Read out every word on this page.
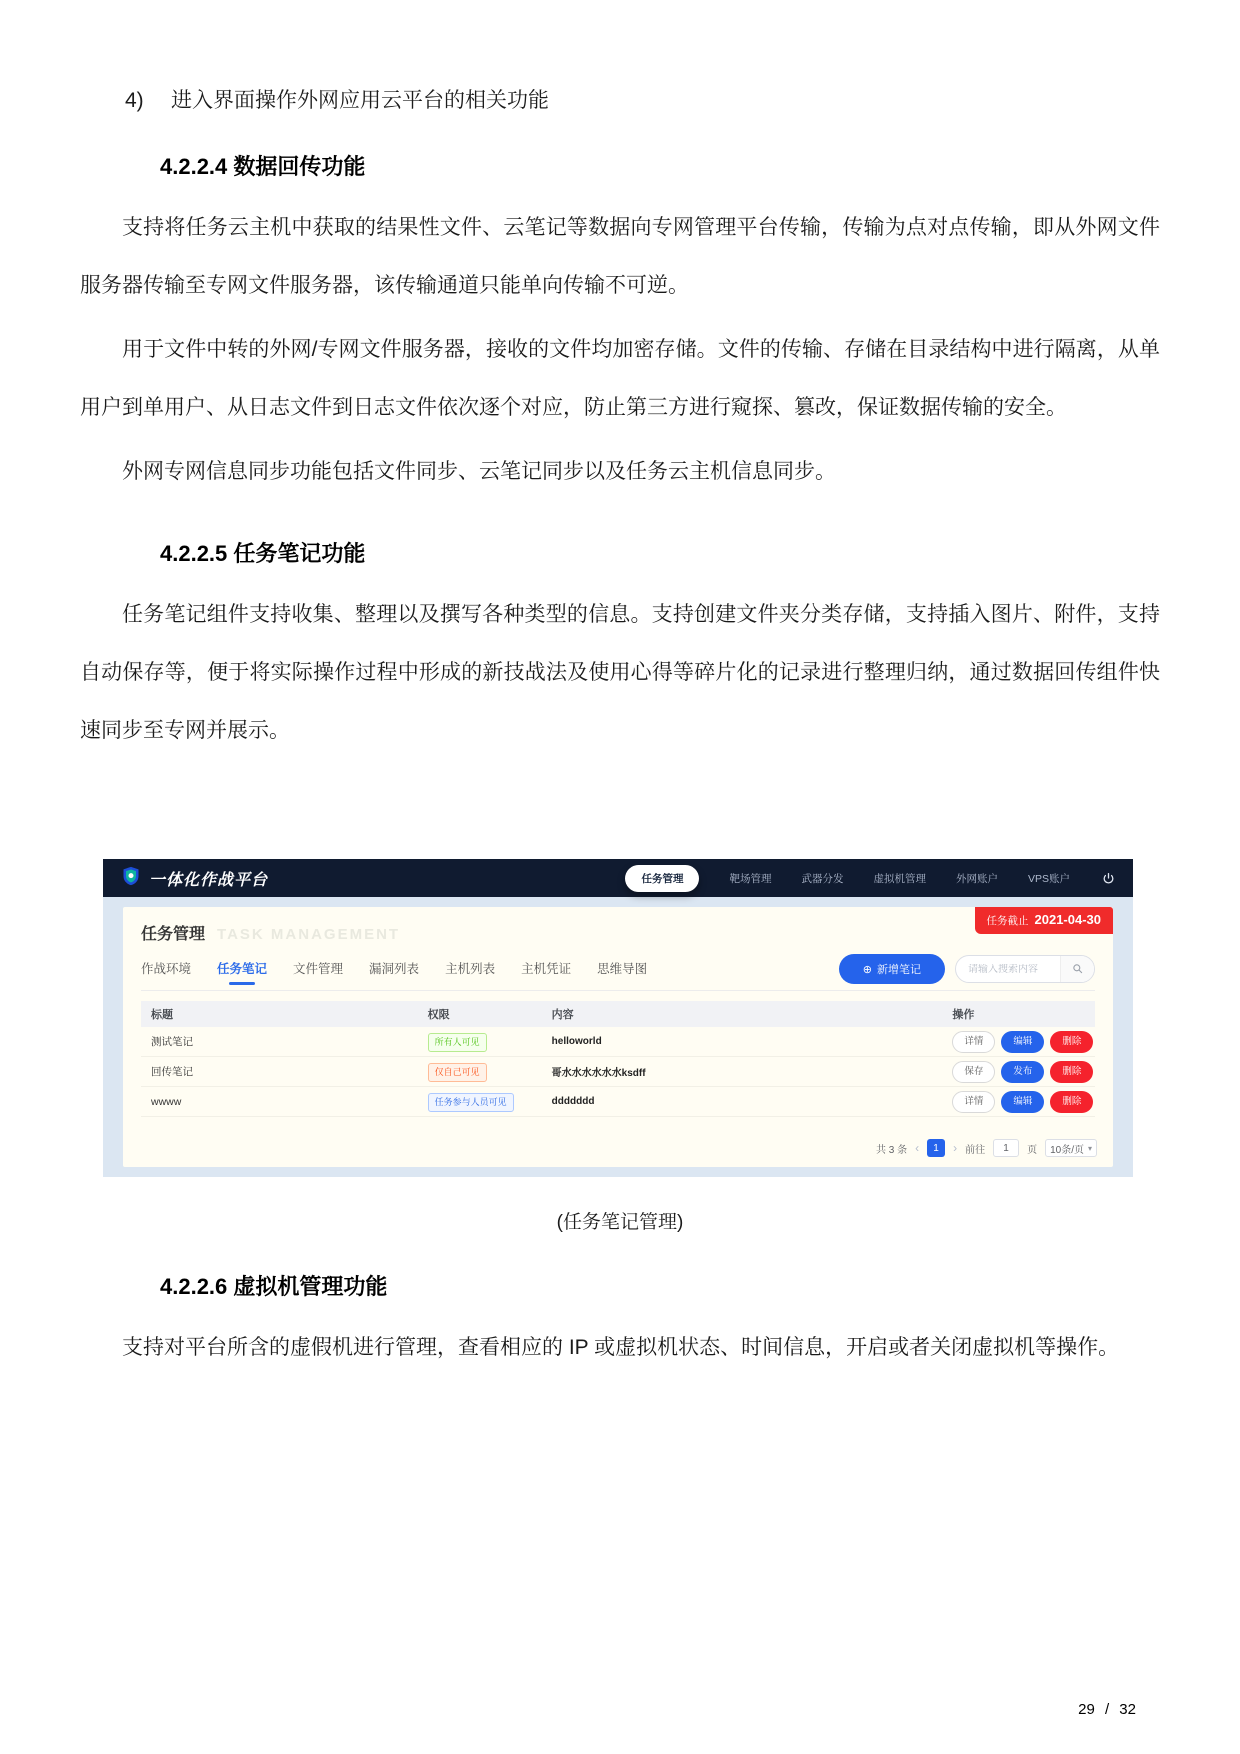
4)	进入界面操作外网应用云平台的相关功能
4.2.2.4 数据回传功能

支持将任务云主机中获取的结果性文件、云笔记等数据向专网管理平台传输，传输为点对点传输，即从外网文件服务器传输至专网文件服务器，该传输通道只能单向传输不可逆。

用于文件中转的外网/专网文件服务器，接收的文件均加密存储。文件的传输、存储在目录结构中进行隔离，从单用户到单用户、从日志文件到日志文件依次逐个对应，防止第三方进行窥探、篡改，保证数据传输的安全。

外网专网信息同步功能包括文件同步、云笔记同步以及任务云主机信息同步。

4.2.2.5 任务笔记功能

任务笔记组件支持收集、整理以及撰写各种类型的信息。支持创建文件夹分类存储，支持插入图片、附件，支持自动保存等，便于将实际操作过程中形成的新技战法及使用心得等碎片化的记录进行整理归纳，通过数据回传组件快速同步至专网并展示。

一体化作战平台	任务管理	靶场管理	武器分发	虚拟机管理	外网账户	VPS账户
任务截止 2021-04-30
任务管理 TASK MANAGEMENT
作战环境 任务笔记 文件管理 漏洞列表 主机列表 主机凭证 思维导图	⊕ 新增笔记
请输入搜索内容
标题	权限	内容	操作
测试笔记	所有人可见	helloworld	详情	编辑	删除
回传笔记	仅自己可见	哥水水水水水水ksdff	保存	发布	删除
wwww	任务参与人员可见	ddddddd	详情	编辑	删除
共 3 条 ‹	1	› 前往	1	页 10条/页 ▾
(任务笔记管理)
4.2.2.6 虚拟机管理功能

支持对平台所含的虚假机进行管理，查看相应的 IP 或虚拟机状态、时间信息，开启或者关闭虚拟机等操作。

29 / 32
